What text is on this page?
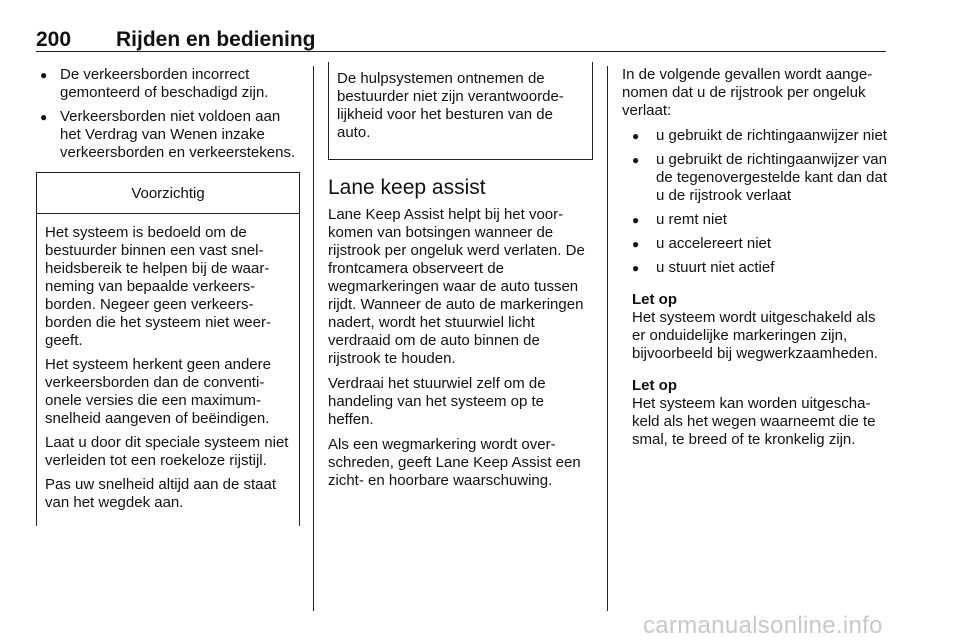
200 Rijden en bediening
● De verkeersborden incorrect gemonteerd of beschadigd zijn.
● Verkeersborden niet voldoen aan het Verdrag van Wenen inzake verkeersborden en verkeerstekens.
Voorzichtig

Het systeem is bedoeld om de bestuurder binnen een vast snelheidsbereik te helpen bij de waarneming van bepaalde verkeersborden. Negeer geen verkeersborden die het systeem niet weergeeft.

Het systeem herkent geen andere verkeersborden dan de conventionele versies die een maximumsnelheid aangeven of beëindigen.

Laat u door dit speciale systeem niet verleiden tot een roekeloze rijstijl.

Pas uw snelheid altijd aan de staat van het wegdek aan.

De hulpsystemen ontnemen de bestuurder niet zijn verantwoordelijkheid voor het besturen van de auto.

Lane keep assist

Lane Keep Assist helpt bij het voorkomen van botsingen wanneer de rijstrook per ongeluk werd verlaten. De frontcamera observeert de wegmarkeringen waar de auto tussen rijdt. Wanneer de auto de markeringen nadert, wordt het stuurwiel licht verdraaid om de auto binnen de rijstrook te houden.

Verdraai het stuurwiel zelf om de handeling van het systeem op te heffen.

Als een wegmarkering wordt overschreden, geeft Lane Keep Assist een zicht- en hoorbare waarschuwing.

In de volgende gevallen wordt aangenomen dat u de rijstrook per ongeluk verlaat:

● u gebruikt de richtingaanwijzer niet
● u gebruikt de richtingaanwijzer van de tegenovergestelde kant dan dat u de rijstrook verlaat
● u remt niet
● u accelereert niet
● u stuurt niet actief
Let op

Het systeem wordt uitgeschakeld als er onduidelijke markeringen zijn, bijvoorbeeld bij wegwerkzaamheden.

Let op

Het systeem kan worden uitgeschakeld als het wegen waarneemt die te smal, te breed of te kronkelig zijn.

carmanualsonline.info
